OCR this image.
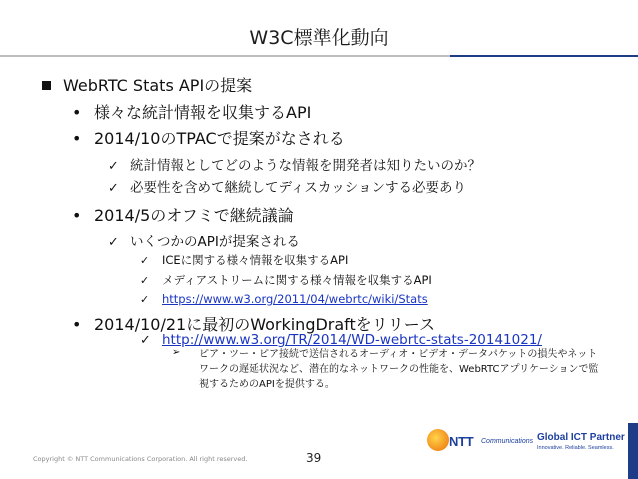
W3C標準化動向
WebRTC Stats APIの提案
• 様々な統計情報を収集するAPI
• 2014/10のTPACで提案がなされる
✓ 統計情報としてどのような情報を開発者は知りたいのか？
✓ 必要性を含めて継続してディスカッションする必要あり
• 2014/5のオフミで継続議論
✓ いくつかのAPIが提案される
✓ ICEに関する様々情報を収集するAPI
✓ メディアストリームに関する様々情報を収集するAPI
✓ https://www.w3.org/2011/04/webrtc/wiki/Stats
• 2014/10/21に最初のWorkingDraftをリリース
✓ http://www.w3.org/TR/2014/WD-webrtc-stats-20141021/
➢ ピア・ツー・ピア接続で送信されるオーディオ・ビデオ・データパケットの損失やネットワークの遅延状況など、潜在的なネットワークの性能を、WebRTCアプリケーションで監視するためのAPIを提供する。
Copyright © NTT Communications Corporation. All right reserved.	39
NTT Communications Global ICT Partner
Innovative. Reliable. Seamless.
